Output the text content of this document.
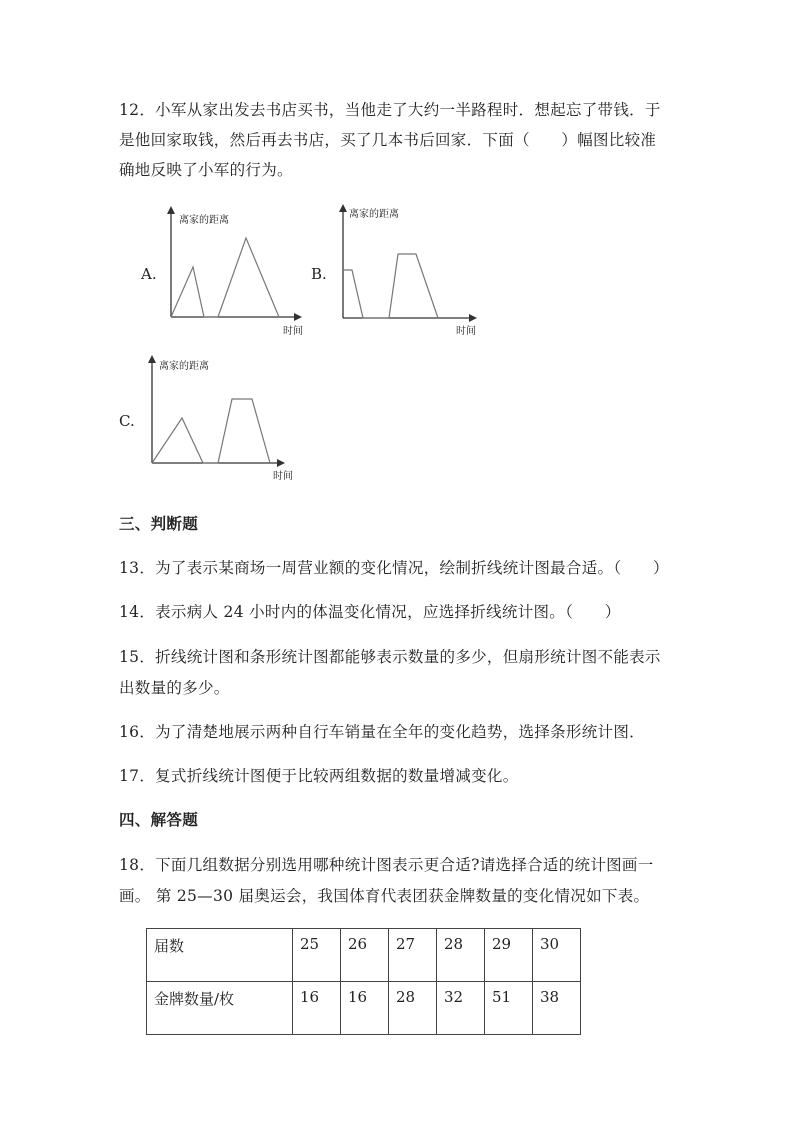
12．小军从家出发去书店买书，当他走了大约一半路程时．想起忘了带钱．于
是他回家取钱，然后再去书店，买了几本书后回家．下面（　　）幅图比较准
确地反映了小军的行为。
A.
离家的距离
时间
B.
离家的距离
时间
C.
离家的距离
时间
三、判断题
13．为了表示某商场一周营业额的变化情况，绘制折线统计图最合适。（　　）
14．表示病人 24 小时内的体温变化情况，应选择折线统计图。（　　）
15．折线统计图和条形统计图都能够表示数量的多少，但扇形统计图不能表示
出数量的多少。
16．为了清楚地展示两种自行车销量在全年的变化趋势，选择条形统计图．
17．复式折线统计图便于比较两组数据的数量增减变化。
四、解答题
18．下面几组数据分别选用哪种统计图表示更合适?请选择合适的统计图画一
画。 第 25—30 届奥运会，我国体育代表团获金牌数量的变化情况如下表。
届数	25	26	27	28	29	30
金牌数量/枚	16	16	28	32	51	38
